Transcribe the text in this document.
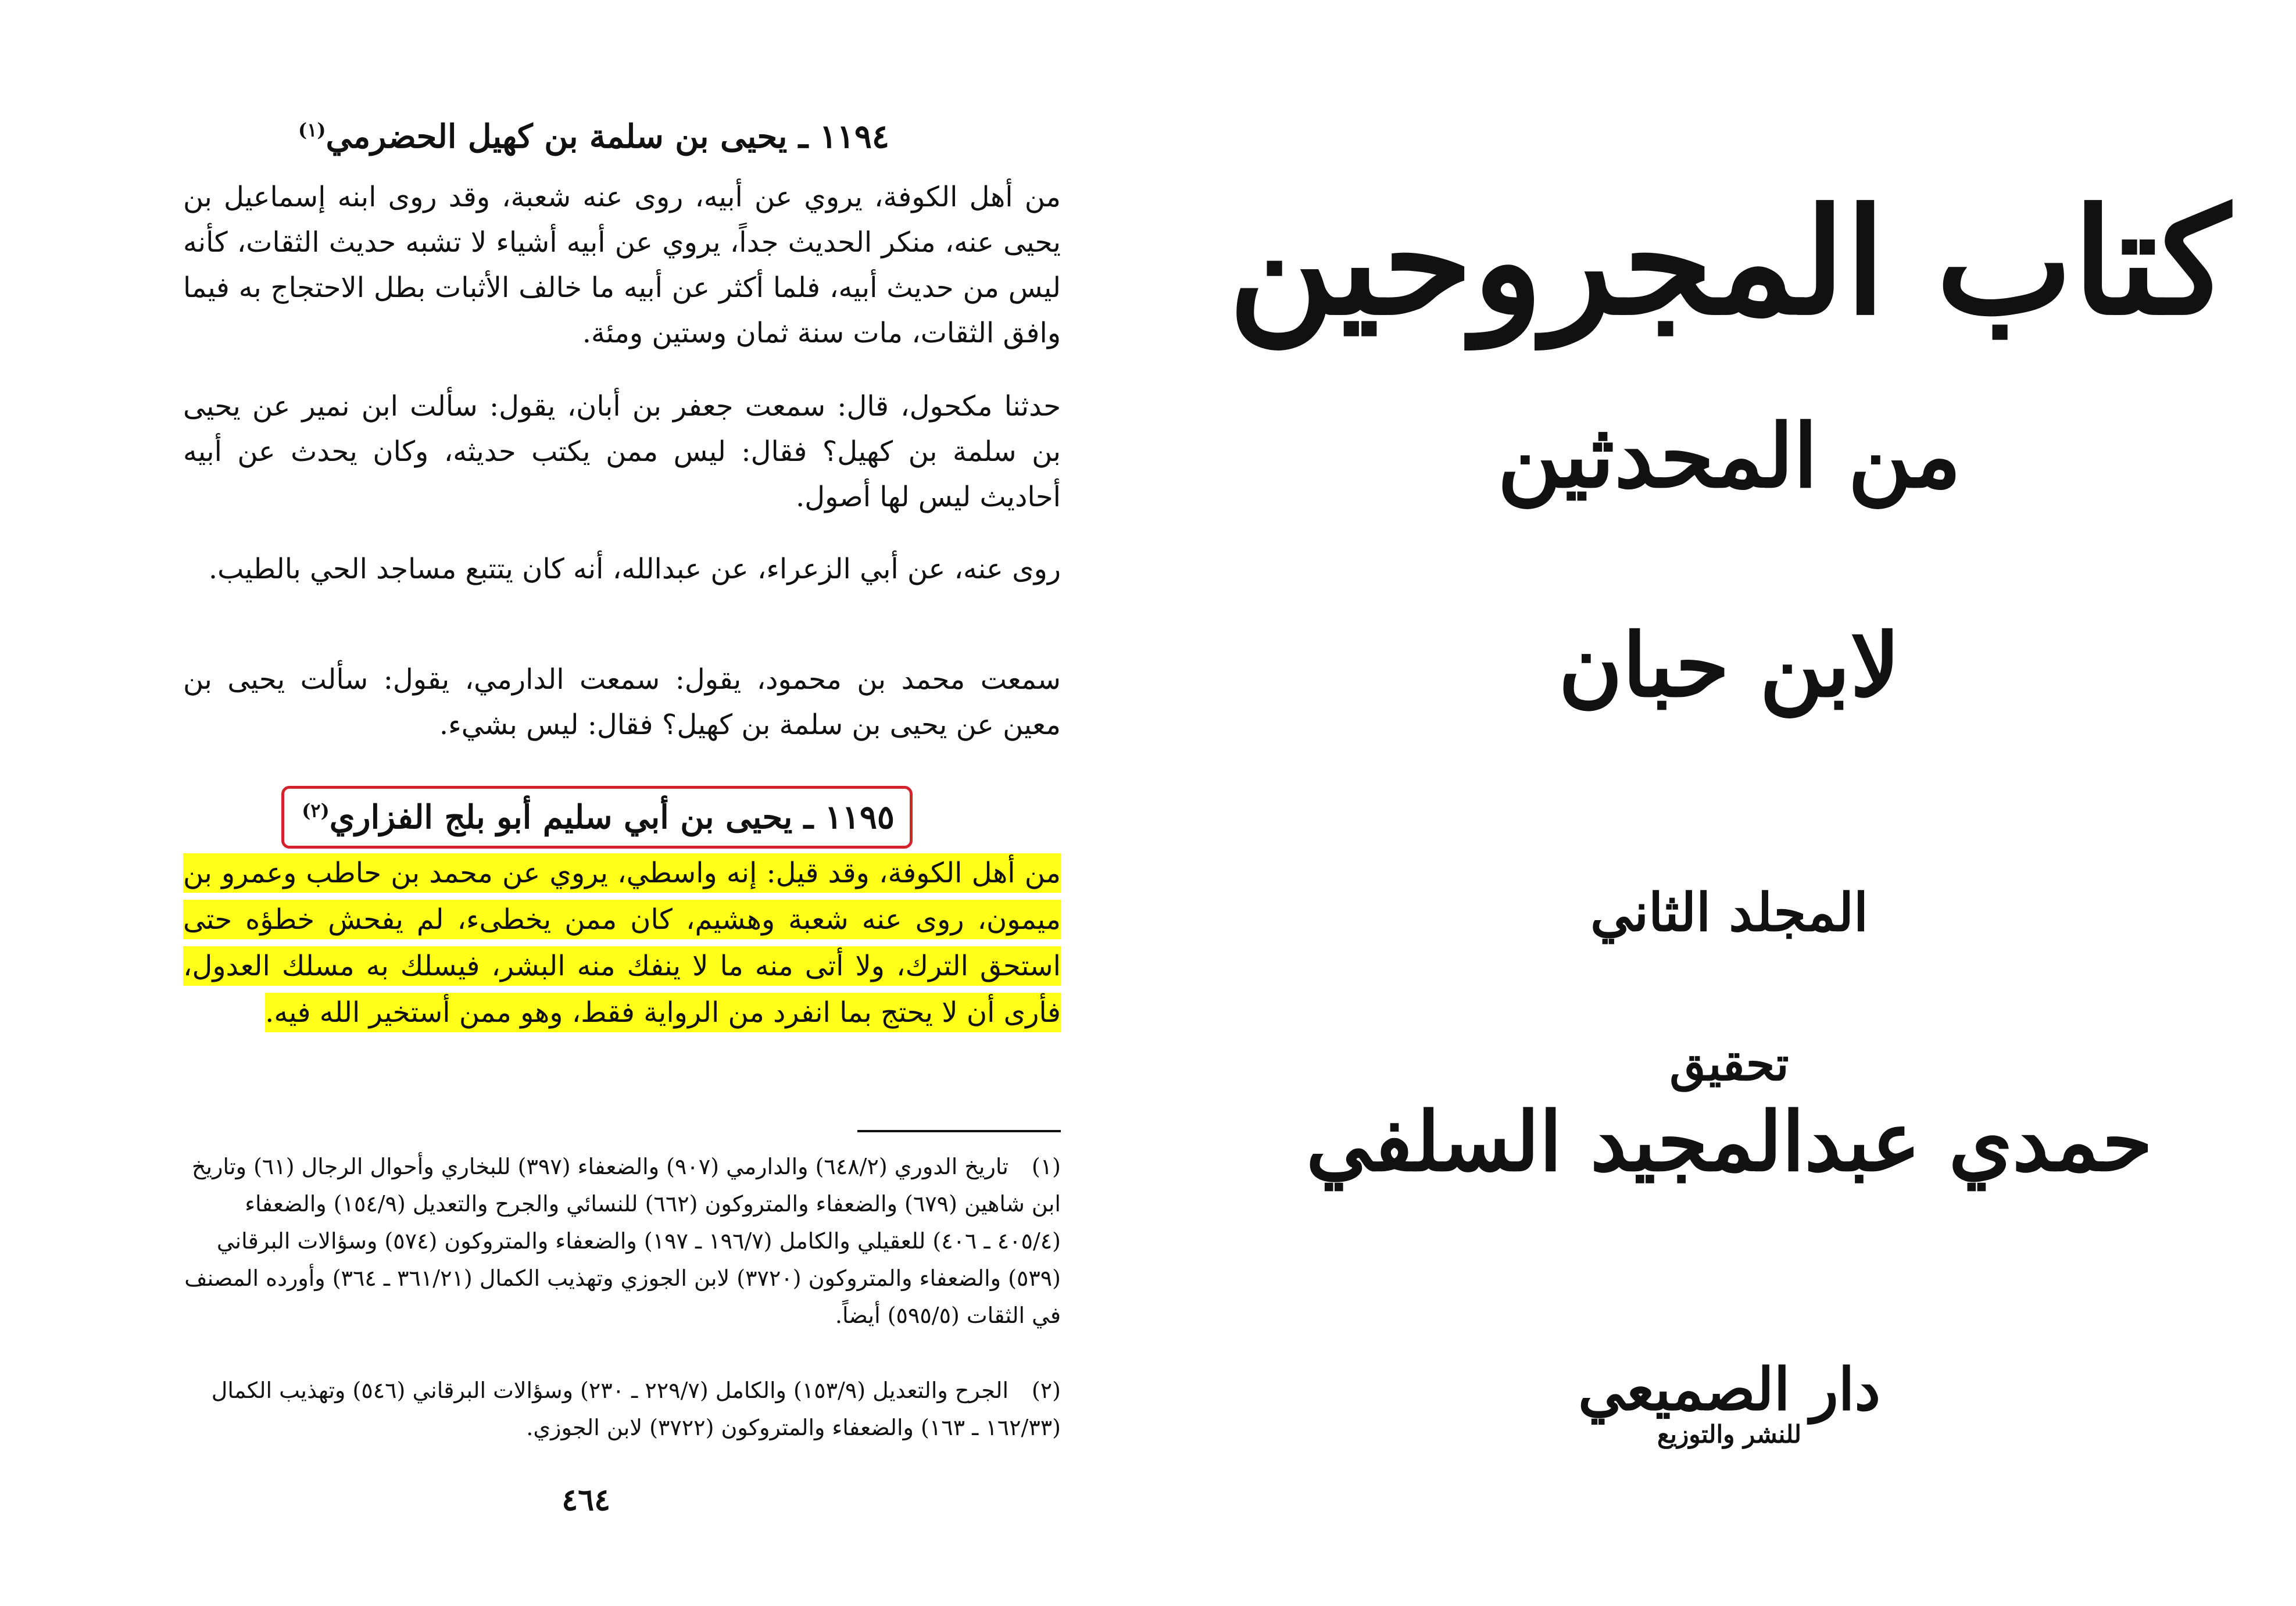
١١٩٤ ـ يحيى بن سلمة بن كهيل الحضرمي$^{(١)}$
من أهل الكوفة، يروي عن أبيه، روى عنه شعبة، وقد روى ابنه إسماعيل بن يحيى عنه، منكر الحديث جداً، يروي عن أبيه أشياء لا تشبه حديث الثقات، كأنه ليس من حديث أبيه، فلما أكثر عن أبيه ما خالف الأثبات بطل الاحتجاج به فيما وافق الثقات، مات سنة ثمان وستين ومئة.
حدثنا مكحول، قال: سمعت جعفر بن أبان، يقول: سألت ابن نمير عن يحيى بن سلمة بن كهيل؟ فقال: ليس ممن يكتب حديثه، وكان يحدث عن أبيه أحاديث ليس لها أصول.
روى عنه، عن أبي الزعراء، عن عبدالله، أنه كان يتتبع مساجد الحي بالطيب.
سمعت محمد بن محمود، يقول: سمعت الدارمي، يقول: سألت يحيى بن معين عن يحيى بن سلمة بن كهيل؟ فقال: ليس بشيء.
١١٩٥ ـ يحيى بن أبي سليم أبو بلج الفزاري$^{(٢)}$
من أهل الكوفة، وقد قيل: إنه واسطي، يروي عن محمد بن حاطب وعمرو بن ميمون، روى عنه شعبة وهشيم، كان ممن يخطىء، لم يفحش خطؤه حتى استحق الترك، ولا أتى منه ما لا ينفك منه البشر، فيسلك به مسلك العدول، فأرى أن لا يحتج بما انفرد من الرواية فقط، وهو ممن أستخير الله فيه.
(١)تاريخ الدوري (٦٤٨/٢) والدارمي (٩٠٧) والضعفاء (٣٩٧) للبخاري وأحوال الرجال (٦١) وتاريخ ابن شاهين (٦٧٩) والضعفاء والمتروكون (٦٦٢) للنسائي والجرح والتعديل (١٥٤/٩) والضعفاء (٤٠٥/٤ ـ ٤٠٦) للعقيلي والكامل (١٩٦/٧ ـ ١٩٧) والضعفاء والمتروكون (٥٧٤) وسؤالات البرقاني (٥٣٩) والضعفاء والمتروكون (٣٧٢٠) لابن الجوزي وتهذيب الكمال (٣٦١/٢١ ـ ٣٦٤) وأورده المصنف في الثقات (٥٩٥/٥) أيضاً.
(٢)الجرح والتعديل (١٥٣/٩) والكامل (٢٢٩/٧ ـ ٢٣٠) وسؤالات البرقاني (٥٤٦) وتهذيب الكمال (١٦٢/٣٣ ـ ١٦٣) والضعفاء والمتروكون (٣٧٢٢) لابن الجوزي.
٤٦٤
كتاب المجروحين
من المحدثين
لابن حبان
المجلد الثاني
تحقيق
حمدي عبدالمجيد السلفي
دار الصميعي
للنشر والتوزيع
